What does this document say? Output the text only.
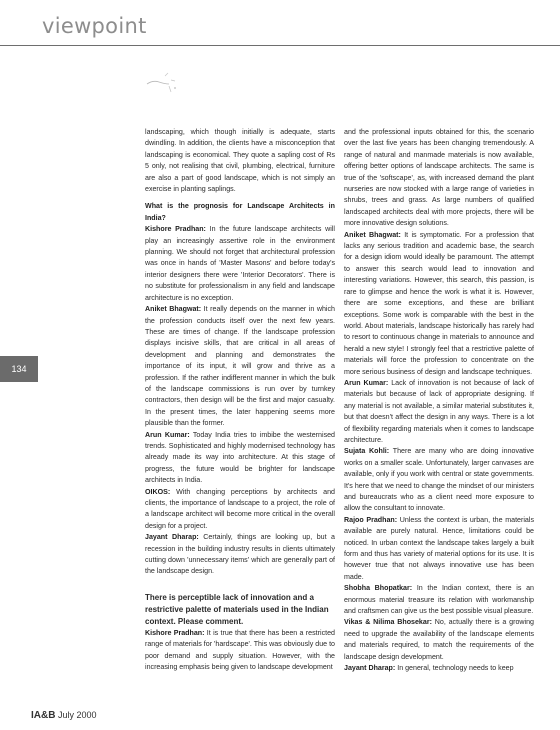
viewpoint
134

landscaping, which though initially is adequate, starts dwindling. In addition, the clients have a misconception that landscaping is economical. They quote a sapling cost of Rs 5 only, not realising that civil, plumbing, electrical, furniture are also a part of good landscape, which is not simply an exercise in planting saplings.

What is the prognosis for Landscape Architects in India?

Kishore Pradhan: In the future landscape architects will play an increasingly assertive role in the environment planning. We should not forget that architectural profession was once in hands of 'Master Masons' and before today's interior designers there were 'Interior Decorators'. There is no substitute for professionalism in any field and landscape architecture is no exception.

Aniket Bhagwat: It really depends on the manner in which the profession conducts itself over the next few years. These are times of change. If the landscape profession displays incisive skills, that are critical in all areas of development and planning and demonstrates the importance of its input, it will grow and thrive as a profession. If the rather indifferent manner in which the bulk of the landscape commissions is run over by turnkey contractors, then design will be the first and major casualty. In the present times, the later happening seems more plausible than the former.

Arun Kumar: Today India tries to imbibe the westernised trends. Sophisticated and highly modernised technology has already made its way into architecture. At this stage of progress, the future would be brighter for landscape architects in India.

OIKOS: With changing perceptions by architects and clients, the importance of landscape to a project, the role of a landscape architect will become more critical in the overall design for a project.

Jayant Dharap: Certainly, things are looking up, but a recession in the building industry results in clients ultimately cutting down 'unnecessary items' which are generally part of the landscape design.

There is perceptible lack of innovation and a restrictive palette of materials used in the Indian context. Please comment.

Kishore Pradhan: It is true that there has been a restricted range of materials for 'hardscape'. This was obviously due to poor demand and supply situation. However, with the increasing emphasis being given to landscape development

and the professional inputs obtained for this, the scenario over the last five years has been changing tremendously. A range of natural and manmade materials is now available, offering better options of landscape architects. The same is true of the 'softscape', as, with increased demand the plant nurseries are now stocked with a large range of varieties in shrubs, trees and grass. As large numbers of qualified landscaped architects deal with more projects, there will be more innovative design solutions.

Aniket Bhagwat: It is symptomatic. For a profession that lacks any serious tradition and academic base, the search for a design idiom would ideally be paramount. The attempt to answer this search would lead to innovation and interesting variations. However, this search, this passion, is rare to glimpse and hence the work is what it is. However, there are some exceptions, and these are brilliant exceptions. Some work is comparable with the best in the world. About materials, landscape historically has rarely had to resort to continuous change in materials to announce and herald a new style! I strongly feel that a restrictive palette of materials will force the profession to concentrate on the more serious business of design and landscape techniques.

Arun Kumar: Lack of innovation is not because of lack of materials but because of lack of appropriate designing. If any material is not available, a similar material substitutes it, but that doesn't affect the design in any ways. There is a lot of flexibility regarding materials when it comes to landscape architecture.

Sujata Kohli: There are many who are doing innovative works on a smaller scale. Unfortunately, larger canvases are available, only if you work with central or state governments. It's here that we need to change the mindset of our ministers and bureaucrats who as a client need more exposure to allow the consultant to innovate.

Rajoo Pradhan: Unless the context is urban, the materials available are purely natural. Hence, limitations could be noticed. In urban context the landscape takes largely a built form and thus has variety of material options for its use. It is however true that not always innovative use has been made.

Shobha Bhopatkar: In the Indian context, there is an enormous material treasure its relation with workmanship and craftsmen can give us the best possible visual pleasure.

Vikas & Nilima Bhosekar: No, actually there is a growing need to upgrade the availability of the landscape elements and materials required, to match the requirements of the landscape design development.

Jayant Dharap: In general, technology needs to keep

IA&B July 2000
